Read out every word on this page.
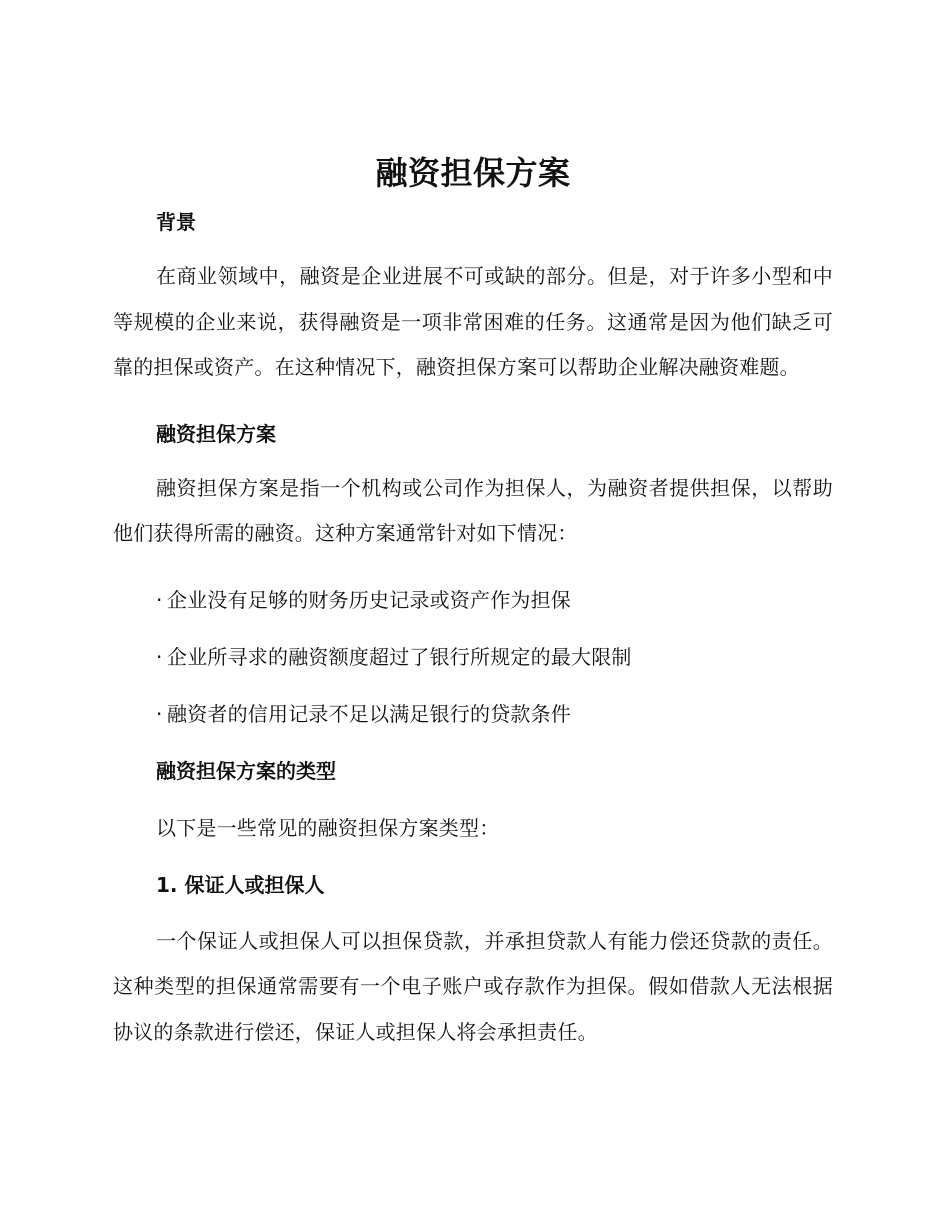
融资担保方案
背景

在商业领域中，融资是企业进展不可或缺的部分。但是，对于许多小型和中等规模的企业来说，获得融资是一项非常困难的任务。这通常是因为他们缺乏可靠的担保或资产。在这种情况下，融资担保方案可以帮助企业解决融资难题。

融资担保方案

融资担保方案是指一个机构或公司作为担保人，为融资者提供担保，以帮助他们获得所需的融资。这种方案通常针对如下情况：

· 企业没有足够的财务历史记录或资产作为担保

· 企业所寻求的融资额度超过了银行所规定的最大限制

· 融资者的信用记录不足以满足银行的贷款条件

融资担保方案的类型

以下是一些常见的融资担保方案类型：

1. 保证人或担保人

一个保证人或担保人可以担保贷款，并承担贷款人有能力偿还贷款的责任。这种类型的担保通常需要有一个电子账户或存款作为担保。假如借款人无法根据协议的条款进行偿还，保证人或担保人将会承担责任。
